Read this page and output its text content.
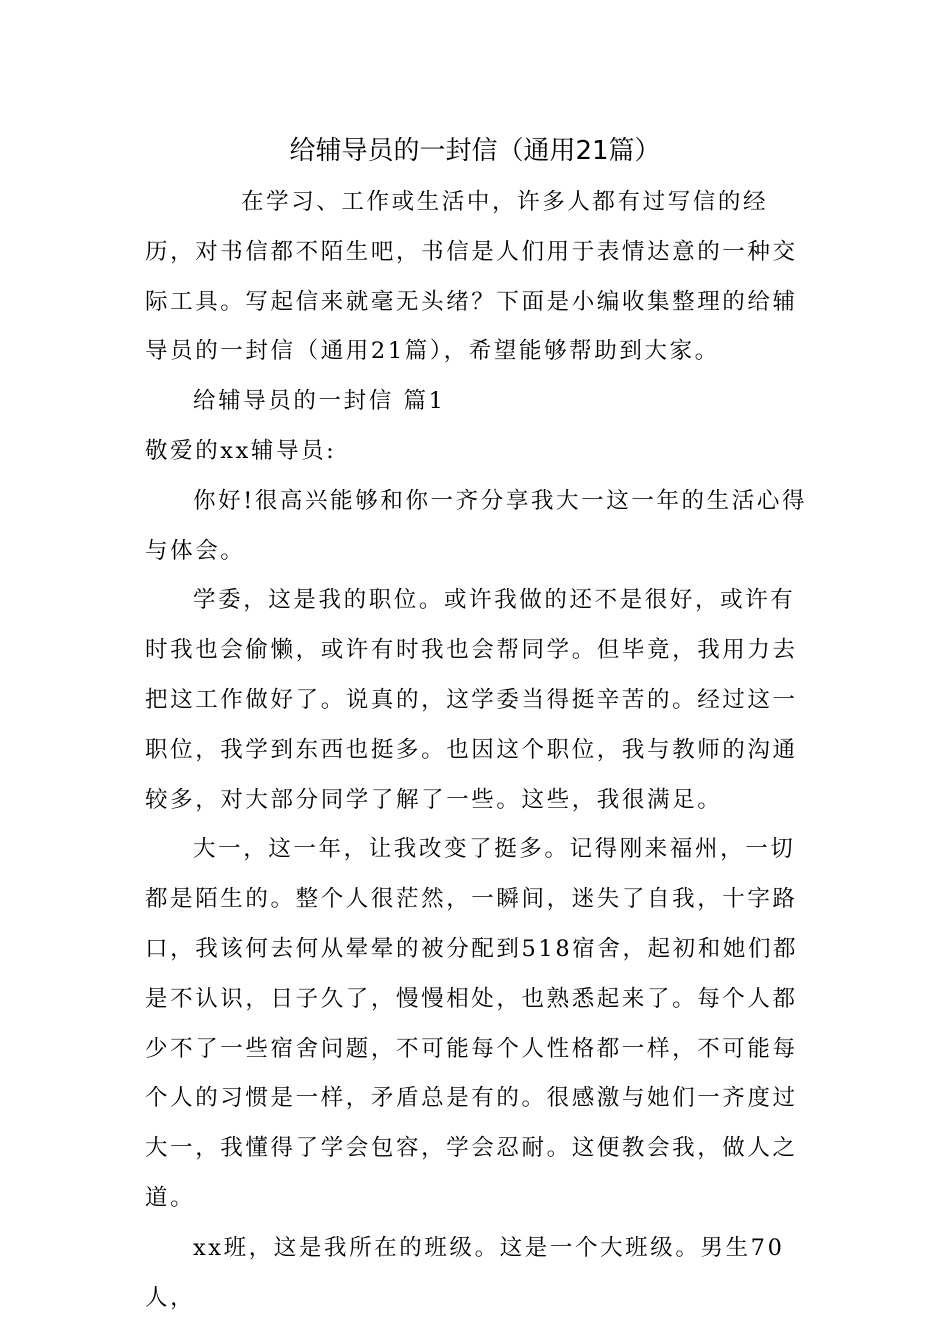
给辅导员的一封信（通用21篇）

在学习、工作或生活中，许多人都有过写信的经历，对书信都不陌生吧，书信是人们用于表情达意的一种交际工具。写起信来就毫无头绪？下面是小编收集整理的给辅导员的一封信（通用21篇），希望能够帮助到大家。

给辅导员的一封信 篇1

敬爱的xx辅导员:

你好!很高兴能够和你一齐分享我大一这一年的生活心得与体会。

学委，这是我的职位。或许我做的还不是很好，或许有时我也会偷懒，或许有时我也会帮同学。但毕竟，我用力去把这工作做好了。说真的，这学委当得挺辛苦的。经过这一职位，我学到东西也挺多。也因这个职位，我与教师的沟通较多，对大部分同学了解了一些。这些，我很满足。

大一，这一年，让我改变了挺多。记得刚来福州，一切都是陌生的。整个人很茫然，一瞬间，迷失了自我，十字路口，我该何去何从晕晕的被分配到518宿舍，起初和她们都是不认识，日子久了，慢慢相处，也熟悉起来了。每个人都少不了一些宿舍问题，不可能每个人性格都一样，不可能每个人的习惯是一样，矛盾总是有的。很感激与她们一齐度过大一，我懂得了学会包容，学会忍耐。这便教会我，做人之道。

xx班，这是我所在的班级。这是一个大班级。男生70人，
